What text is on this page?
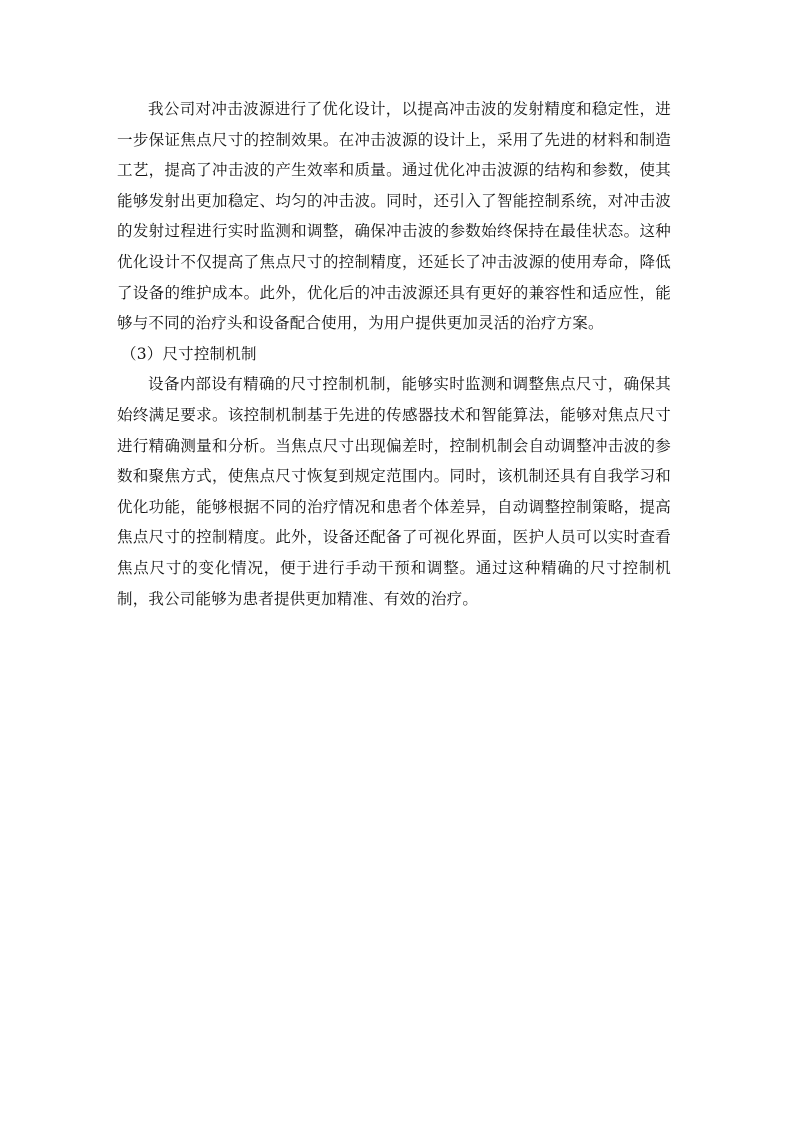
我公司对冲击波源进行了优化设计，以提高冲击波的发射精度和稳定性，进一步保证焦点尺寸的控制效果。在冲击波源的设计上，采用了先进的材料和制造工艺，提高了冲击波的产生效率和质量。通过优化冲击波源的结构和参数，使其能够发射出更加稳定、均匀的冲击波。同时，还引入了智能控制系统，对冲击波的发射过程进行实时监测和调整，确保冲击波的参数始终保持在最佳状态。这种优化设计不仅提高了焦点尺寸的控制精度，还延长了冲击波源的使用寿命，降低了设备的维护成本。此外，优化后的冲击波源还具有更好的兼容性和适应性，能够与不同的治疗头和设备配合使用，为用户提供更加灵活的治疗方案。

（3）尺寸控制机制

设备内部设有精确的尺寸控制机制，能够实时监测和调整焦点尺寸，确保其始终满足要求。该控制机制基于先进的传感器技术和智能算法，能够对焦点尺寸进行精确测量和分析。当焦点尺寸出现偏差时，控制机制会自动调整冲击波的参数和聚焦方式，使焦点尺寸恢复到规定范围内。同时，该机制还具有自我学习和优化功能，能够根据不同的治疗情况和患者个体差异，自动调整控制策略，提高焦点尺寸的控制精度。此外，设备还配备了可视化界面，医护人员可以实时查看焦点尺寸的变化情况，便于进行手动干预和调整。通过这种精确的尺寸控制机制，我公司能够为患者提供更加精准、有效的治疗。
